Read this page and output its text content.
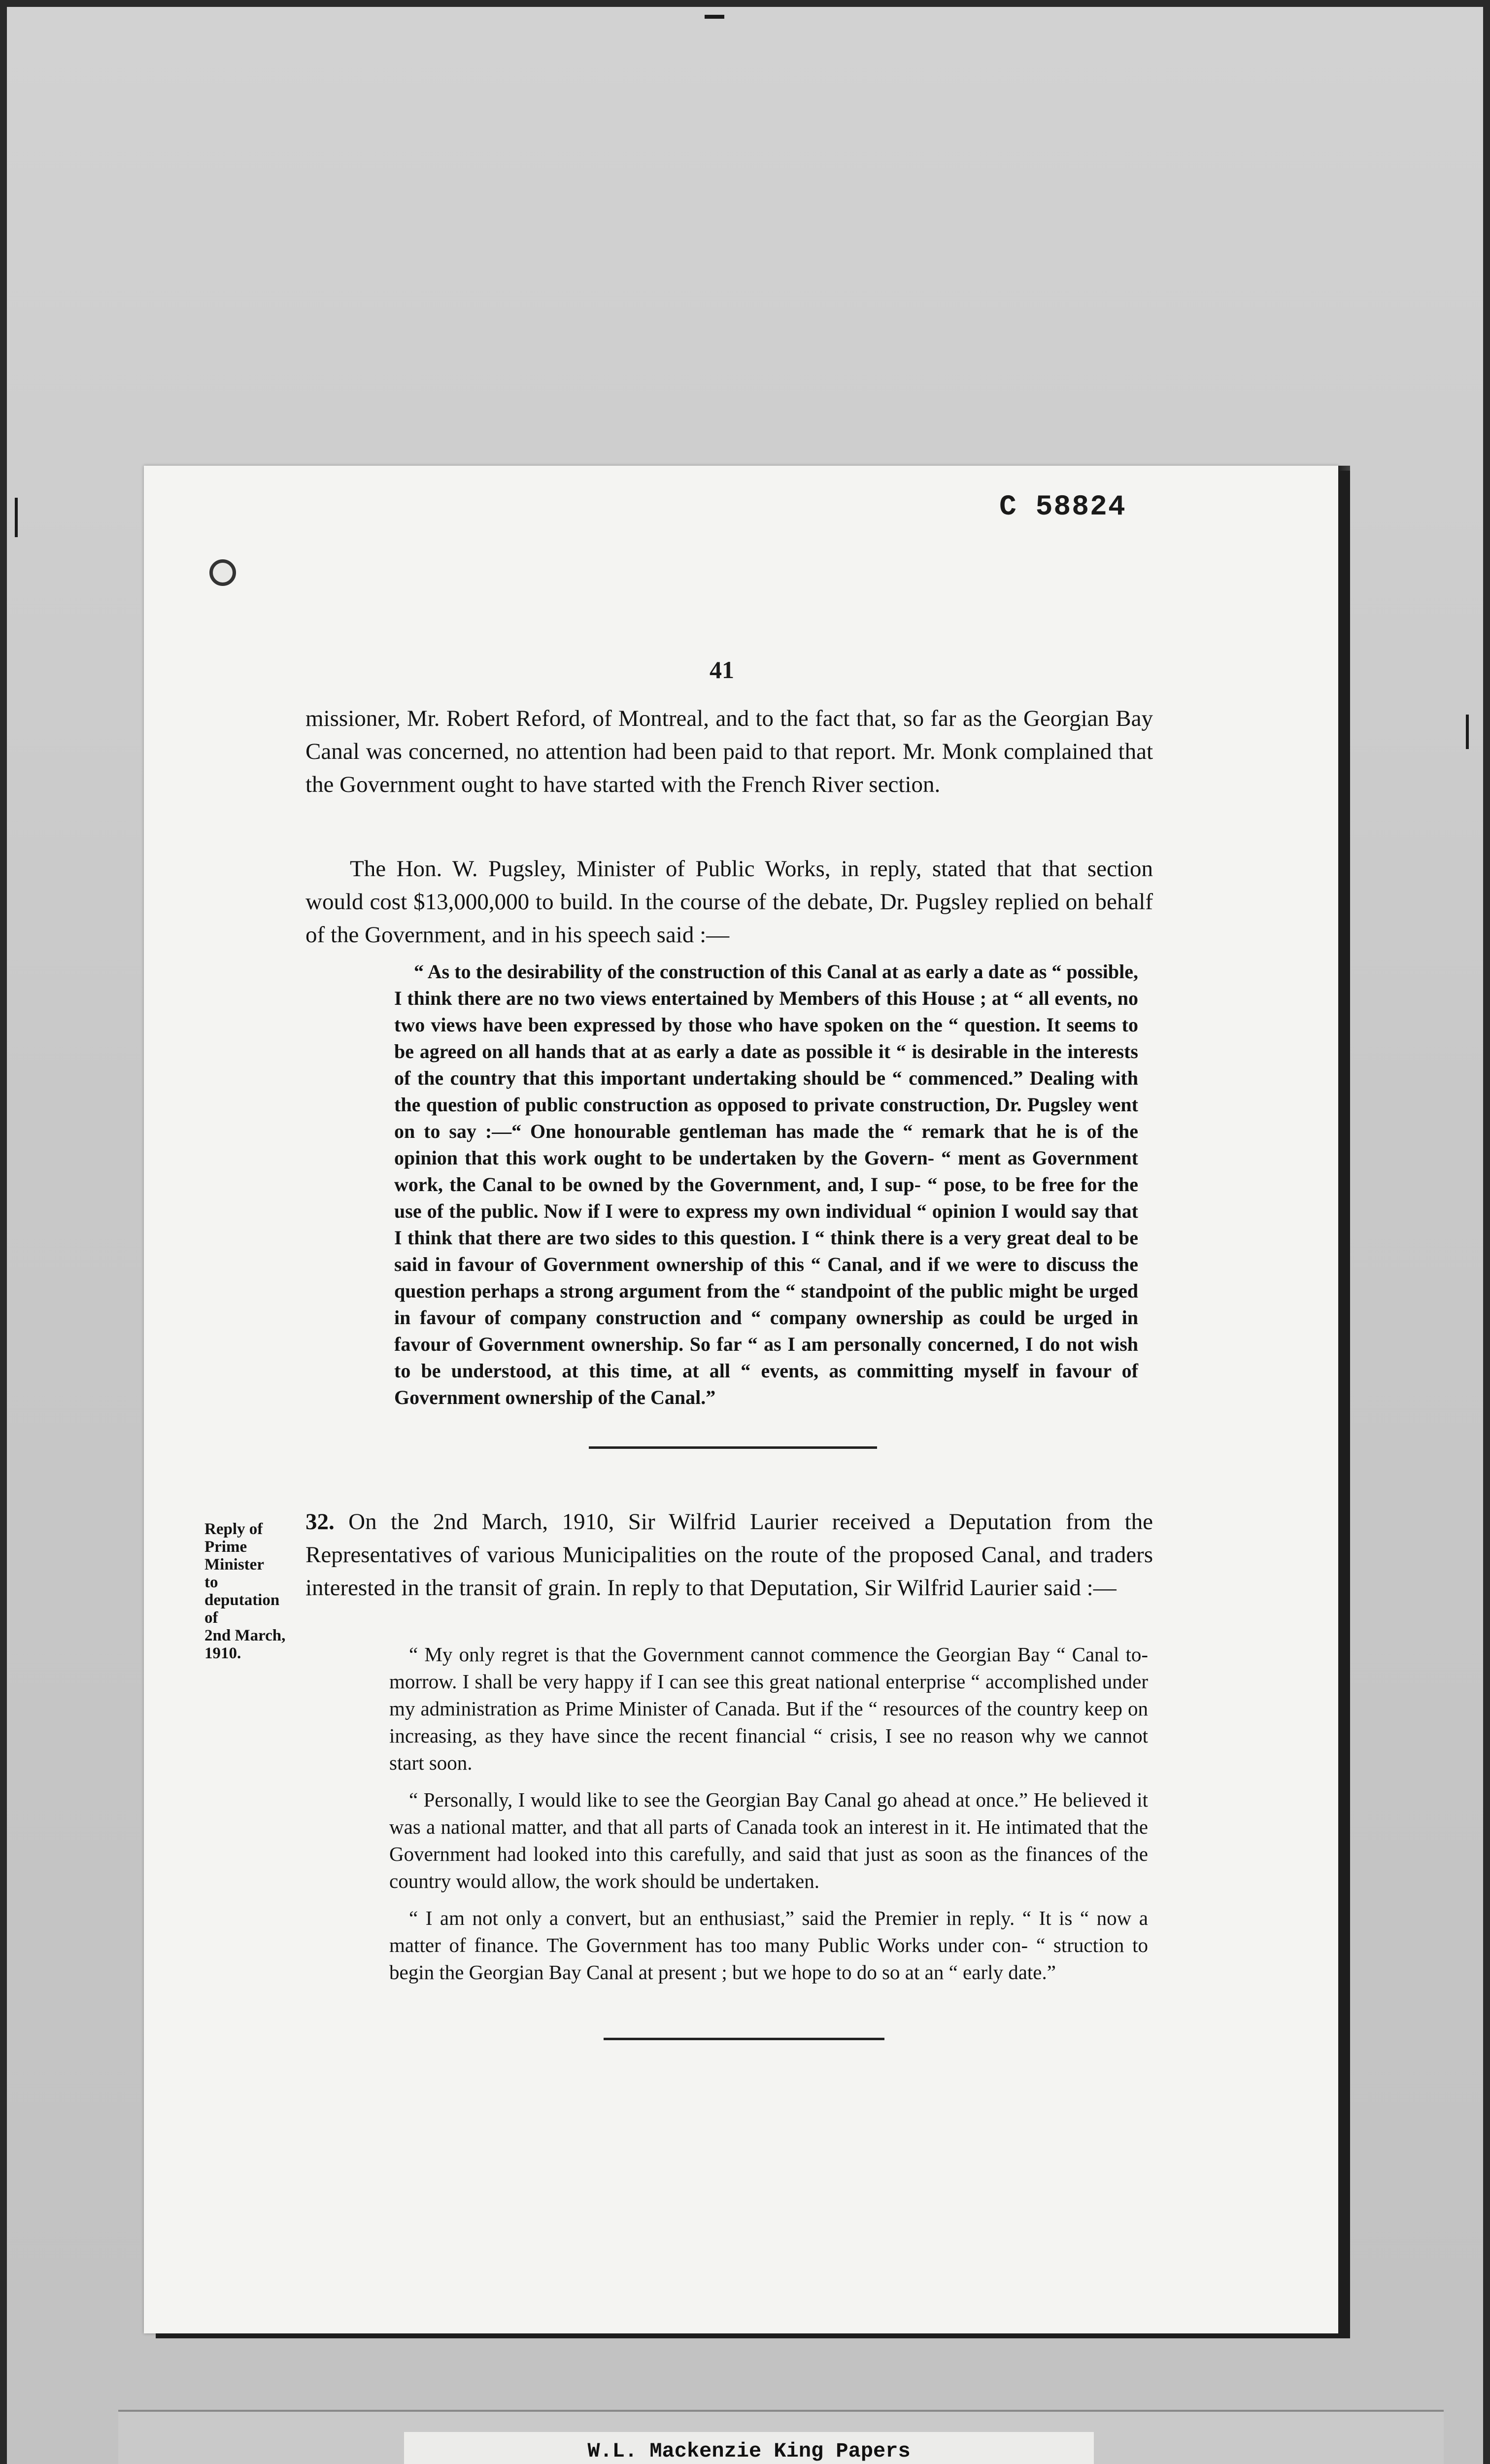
C 58824
41

missioner, Mr. Robert Reford, of Montreal, and to the fact that, so far as the Georgian Bay Canal was concerned, no attention had been paid to that report. Mr. Monk complained that the Government ought to have started with the French River section.

The Hon. W. Pugsley, Minister of Public Works, in reply, stated that that section would cost $13,000,000 to build. In the course of the debate, Dr. Pugsley replied on behalf of the Government, and in his speech said :—

“ As to the desirability of the construction of this Canal at as early a date as “ possible, I think there are no two views entertained by Members of this House ; at “ all events, no two views have been expressed by those who have spoken on the “ question. It seems to be agreed on all hands that at as early a date as possible it “ is desirable in the interests of the country that this important undertaking should be “ commenced.” Dealing with the question of public construction as opposed to private construction, Dr. Pugsley went on to say :—“ One honourable gentleman has made the “ remark that he is of the opinion that this work ought to be undertaken by the Govern- “ ment as Government work, the Canal to be owned by the Government, and, I sup- “ pose, to be free for the use of the public. Now if I were to express my own individual “ opinion I would say that I think that there are two sides to this question. I “ think there is a very great deal to be said in favour of Government ownership of this “ Canal, and if we were to discuss the question perhaps a strong argument from the “ standpoint of the public might be urged in favour of company construction and “ company ownership as could be urged in favour of Government ownership. So far “ as I am personally concerned, I do not wish to be understood, at this time, at all “ events, as committing myself in favour of Government ownership of the Canal.”

Reply of
Prime
Minister
to
deputation
of
2nd March,
1910.

32. On the 2nd March, 1910, Sir Wilfrid Laurier received a Deputation from the Representatives of various Municipalities on the route of the proposed Canal, and traders interested in the transit of grain. In reply to that Deputation, Sir Wilfrid Laurier said :—

“ My only regret is that the Government cannot commence the Georgian Bay “ Canal to-morrow. I shall be very happy if I can see this great national enterprise “ accomplished under my administration as Prime Minister of Canada. But if the “ resources of the country keep on increasing, as they have since the recent financial “ crisis, I see no reason why we cannot start soon.

“ Personally, I would like to see the Georgian Bay Canal go ahead at once.” He believed it was a national matter, and that all parts of Canada took an interest in it. He intimated that the Government had looked into this carefully, and said that just as soon as the finances of the country would allow, the work should be undertaken.

“ I am not only a convert, but an enthusiast,” said the Premier in reply. “ It is “ now a matter of finance. The Government has too many Public Works under con- “ struction to begin the Georgian Bay Canal at present ; but we hope to do so at an “ early date.”

W.L. Mackenzie King Papers
